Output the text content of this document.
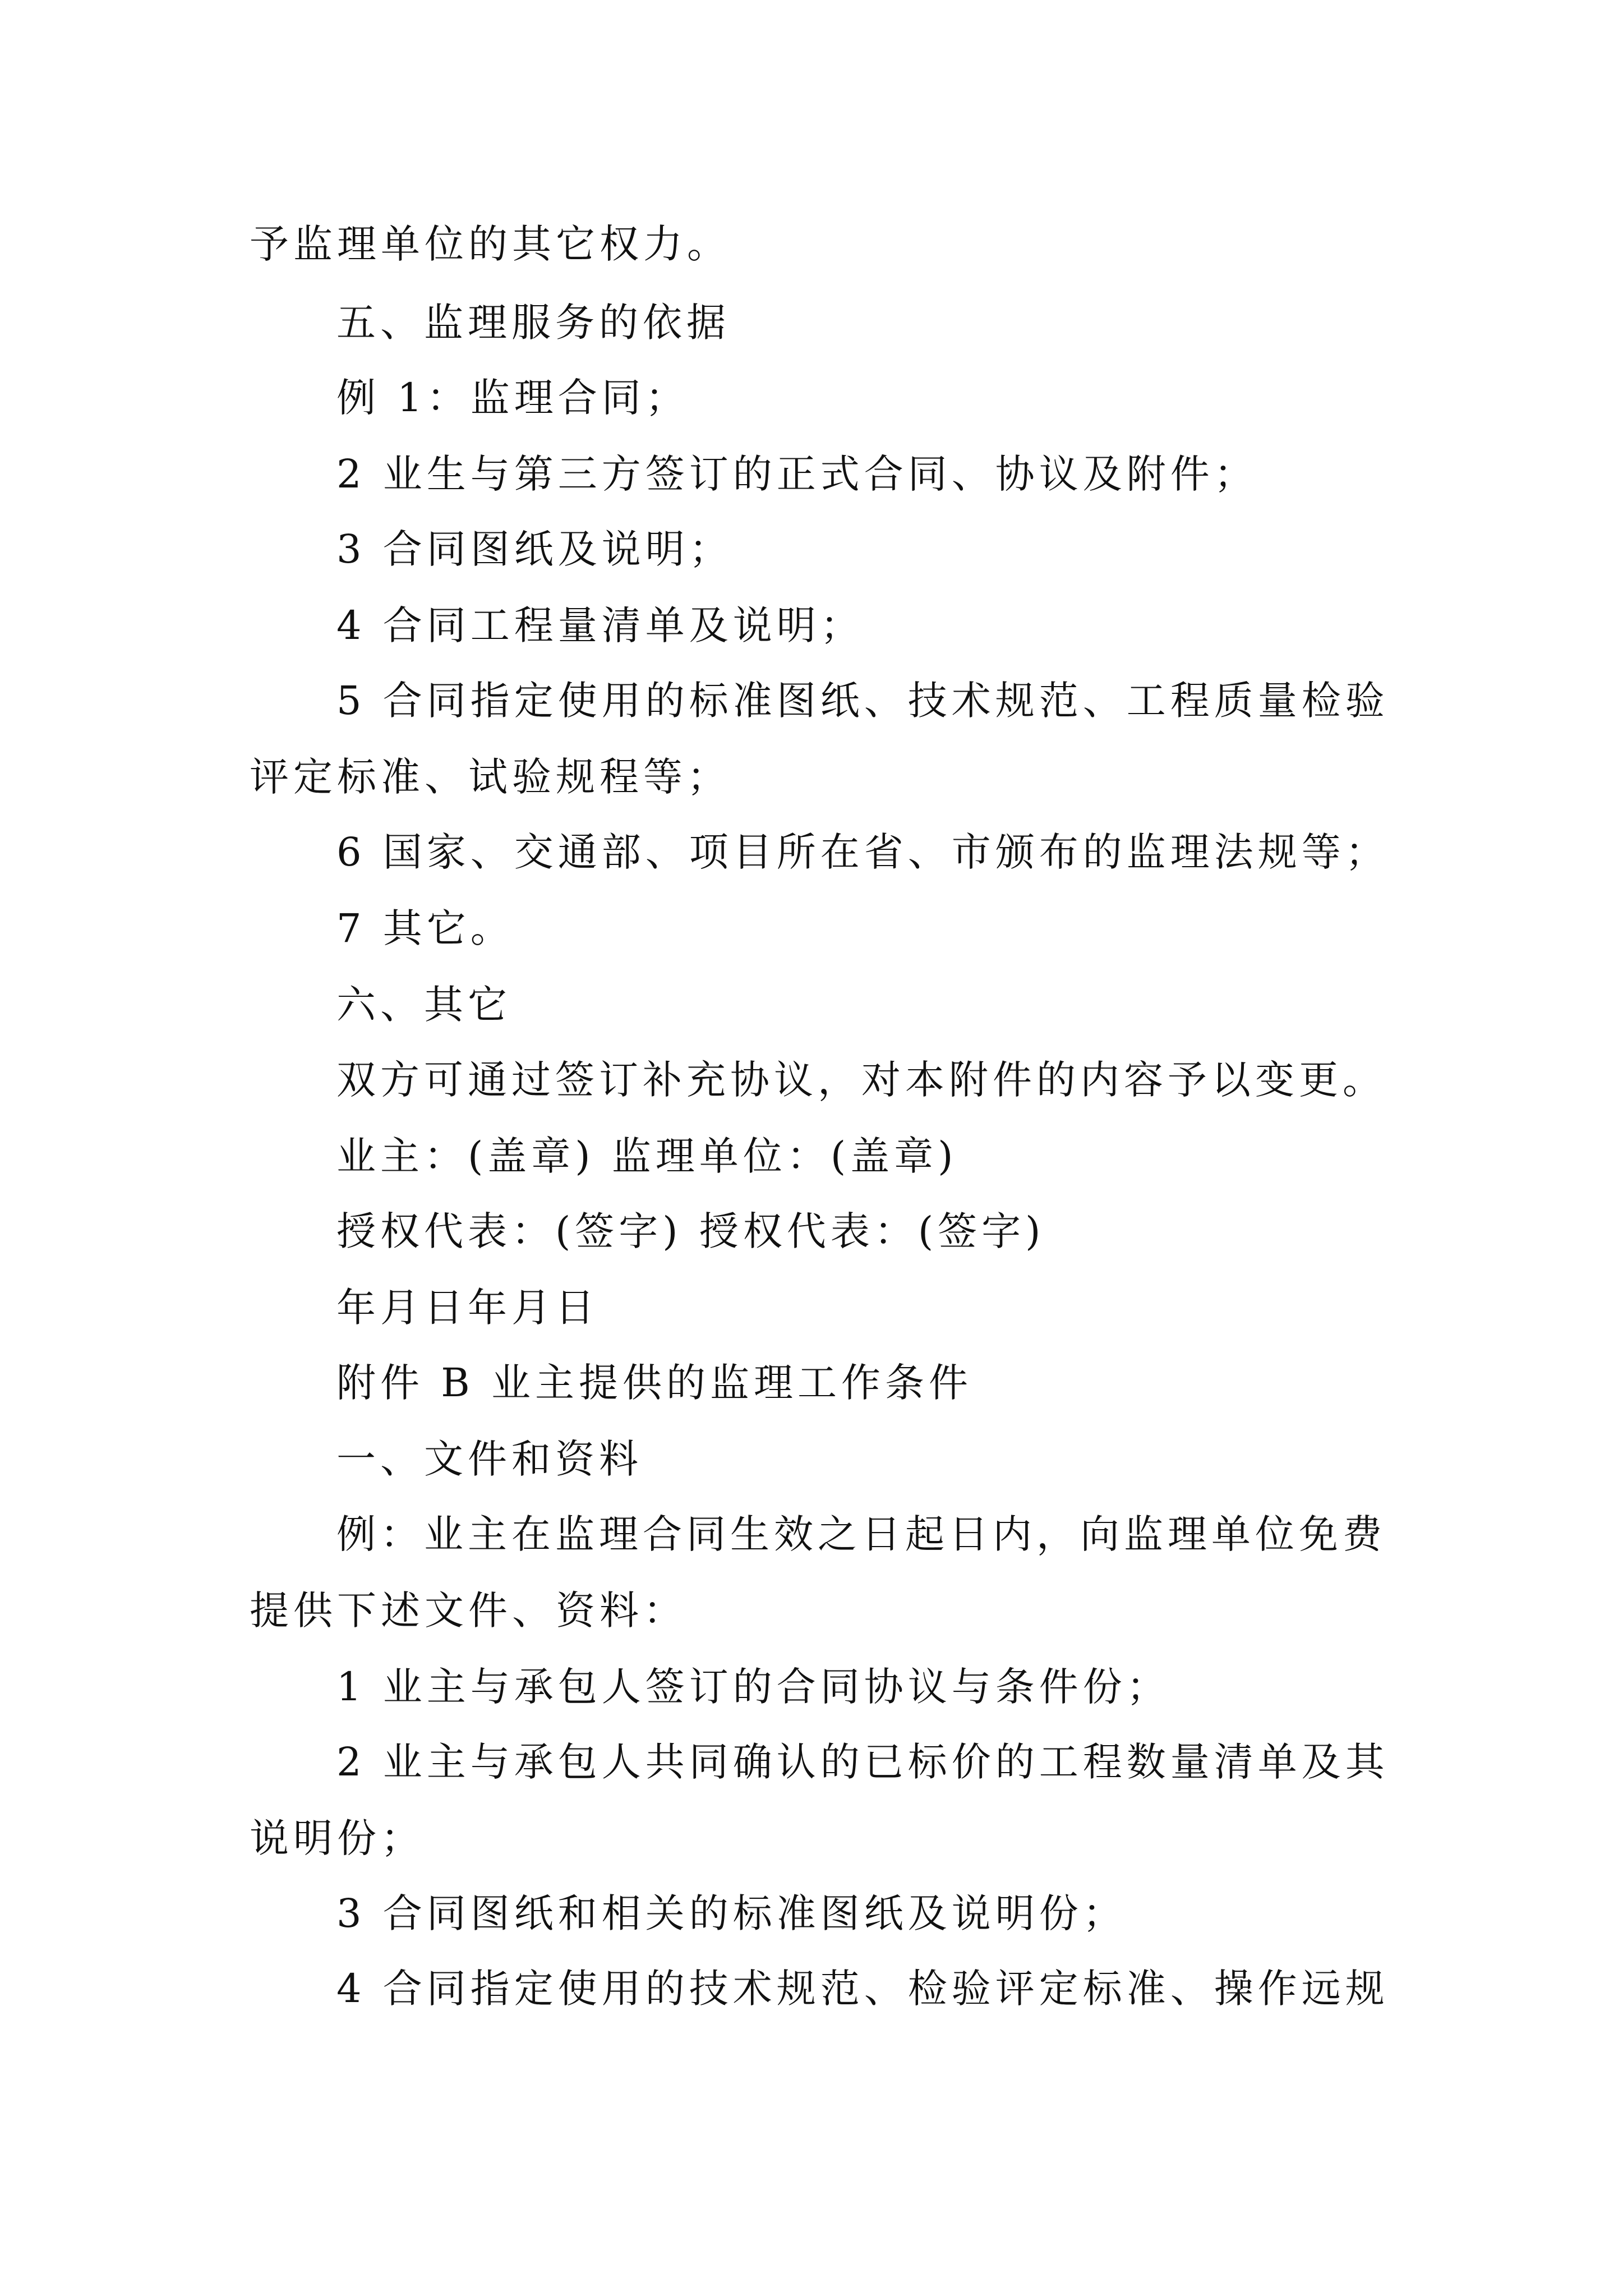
予监理单位的其它权力。
五、监理服务的依据
例 1：监理合同；
2 业生与第三方签订的正式合同、协议及附件；
3 合同图纸及说明；
4 合同工程量清单及说明；
5 合同指定使用的标准图纸、技术规范、工程质量检验
评定标准、试验规程等；
6 国家、交通部、项目所在省、市颁布的监理法规等；
7 其它。
六、其它
双方可通过签订补充协议，对本附件的内容予以变更。
业主：(盖章) 监理单位：(盖章)
授权代表：(签字) 授权代表：(签字)
年月日年月日
附件 B 业主提供的监理工作条件
一、文件和资料
例：业主在监理合同生效之日起日内，向监理单位免费
提供下述文件、资料：
1 业主与承包人签订的合同协议与条件份；
2 业主与承包人共同确认的已标价的工程数量清单及其
说明份；
3 合同图纸和相关的标准图纸及说明份；
4 合同指定使用的技术规范、检验评定标准、操作远规
